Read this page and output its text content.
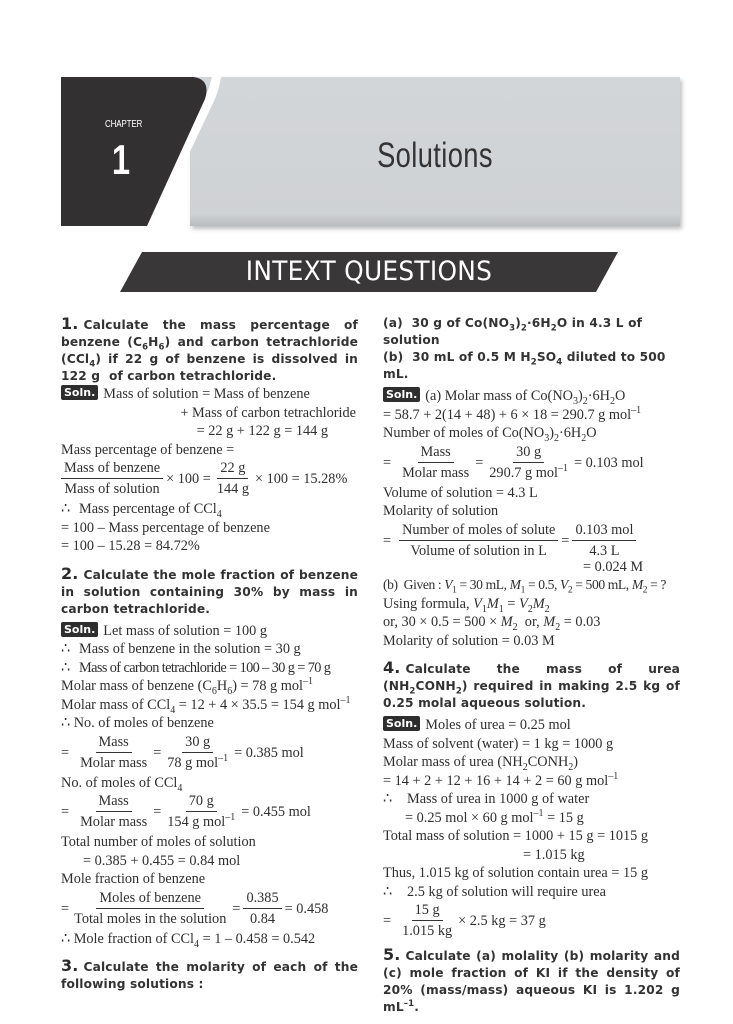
CHAPTER
1	Solutions
INTEXT QUESTIONS
1. Calculate the mass percentage of benzene $(C_6H_6)$ and carbon tetrachloride (CCl$_4$) if 22 g of benzene is dissolved in 122 g  of carbon tetrachloride.
Soln. Mass of solution = Mass of benzene
+ Mass of carbon tetrachloride
= 22 g + 122 g = 144 g
Mass percentage of benzene =
$\frac{\text{Mass of benzene}}{\text{Mass of solution}} \times 100 = \frac{22 g}{144 g} \times 100 = 15.28\%$
∴ Mass percentage of CCl$_4$
= 100 – Mass percentage of benzene
= 100 – 15.28 = 84.72%
2. Calculate the mole fraction of benzene in solution containing 30% by mass in carbon tetrachloride.
Soln. Let mass of solution = 100 g
∴ Mass of benzene in the solution = 30 g
∴ Mass of carbon tetrachloride = 100 – 30 g = 70 g
Molar mass of benzene $(C_6H_6) = 78$ g mol$^{-1}$
Molar mass of CCl$_4$ = 12 + 4 × 35.5 = 154 g mol$^{-1}$
∴ No. of moles of benzene
= $\frac{\text{Mass}}{\text{Molar mass}} = \frac{30 g}{78 g mol^{-1}} = 0.385$ mol
No. of moles of CCl$_4$
= $\frac{\text{Mass}}{\text{Molar mass}} = \frac{70 g}{154 g mol^{-1}} = 0.455$ mol
Total number of moles of solution
= 0.385 + 0.455 = 0.84 mol
Mole fraction of benzene
= $\frac{\text{Moles of benzene}}{\text{Total moles in the solution}} = \frac{0.385}{0.84} = 0.458$
∴ Mole fraction of CCl$_4$ = 1 – 0.458 = 0.542
3. Calculate the molarity of each of the following solutions :
(a)  30 g of $Co(NO_3)_2\cdot 6H_2O$ in 4.3 L of solution
(b)  30 mL of 0.5 M $H_2SO_4$ diluted to 500 mL.
Soln. (a) Molar mass of $Co(NO_3)_2\cdot 6H_2O$
= 58.7 + 2(14 + 48) + 6 × 18 = 290.7 g mol$^{-1}$
Number of moles of $Co(NO_3)_2\cdot 6H_2O$
= $\frac{\text{Mass}}{\text{Molar mass}} = \frac{30 g}{290.7 g mol^{-1}} = 0.103$ mol
Volume of solution = 4.3 L
Molarity of solution
= $\frac{\text{Number of moles of solute}}{\text{Volume of solution in L}} = \frac{\text{0.103 mol}}{4.3 L}$
= 0.024 M
(b)  Given : $V_1 = 30$ mL, $M_1 = 0.5$, $V_2 = 500$ mL, $M_2$ = ?
Using formula, $V_1M_1 = V_2M_2$
or, $30 \times 0.5 = 500 \times M_2$  or, $M_2 = 0.03$
Molarity of solution = 0.03 M
4. Calculate the mass of urea $(NH_2CONH_2)$ required in making 2.5 kg of 0.25 molal aqueous solution.
Soln. Moles of urea = 0.25 mol
Mass of solvent (water) = 1 kg = 1000 g
Molar mass of urea $(NH_2CONH_2)$
= 14 + 2 + 12 + 16 + 14 + 2 = 60 g mol$^{-1}$
∴ Mass of urea in 1000 g of water
= 0.25 mol × 60 g mol$^{-1}$ = 15 g
Total mass of solution = 1000 + 15 g = 1015 g
= 1.015 kg
Thus, 1.015 kg of solution contain urea = 15 g
∴ 2.5 kg of solution will require urea
= $\frac{15 g}{1.015 kg} \times 2.5$ kg = 37 g
5. Calculate (a) molality (b) molarity and (c) mole fraction of KI if the density of 20% (mass/mass) aqueous KI is 1.202 g $mL^{-1}$.
